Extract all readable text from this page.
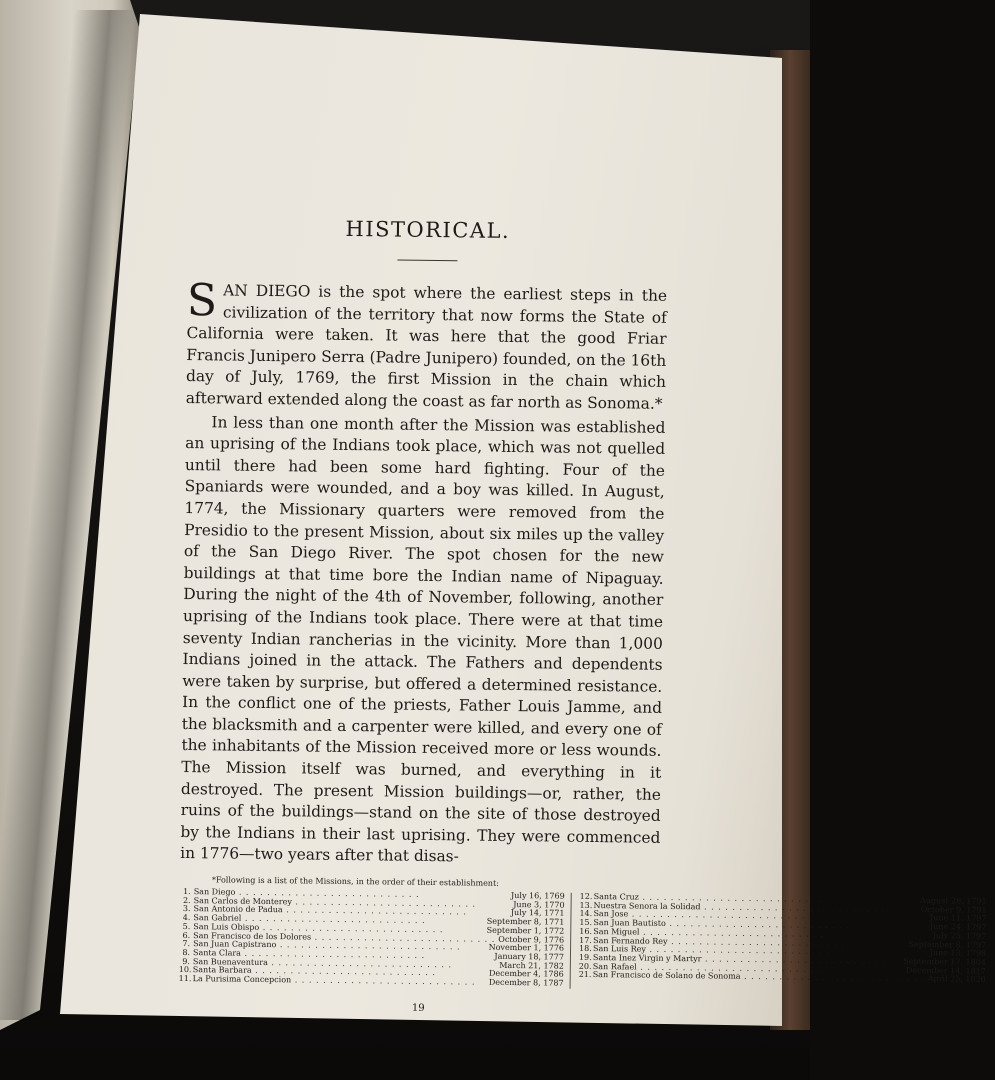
HISTORICAL.

SAN DIEGO is the spot where the earliest steps in the civilization of the territory that now forms the State of California were taken. It was here that the good Friar Francis Junipero Serra (Padre Junipero) founded, on the 16th day of July, 1769, the first Mission in the chain which afterward extended along the coast as far north as Sonoma.*

In less than one month after the Mission was established an uprising of the Indians took place, which was not quelled until there had been some hard fighting. Four of the Spaniards were wounded, and a boy was killed. In August, 1774, the Missionary quarters were removed from the Presidio to the present Mission, about six miles up the valley of the San Diego River. The spot chosen for the new buildings at that time bore the Indian name of Nipaguay. During the night of the 4th of November, following, another uprising of the Indians took place. There were at that time seventy Indian rancherias in the vicinity. More than 1,000 Indians joined in the attack. The Fathers and dependents were taken by surprise, but offered a determined resistance. In the conflict one of the priests, Father Louis Jamme, and the blacksmith and a carpenter were killed, and every one of the inhabitants of the Mission received more or less wounds. The Mission itself was burned, and everything in it destroyed. The present Mission buildings—or, rather, the ruins of the buildings—stand on the site of those destroyed by the Indians in their last uprising. They were commenced in 1776—two years after that disas-

*Following is a list of the Missions, in the order of their establishment:
1. San Diego . . .	July 16, 1769
2. San Carlos de Monterey . . .	June 3, 1770
3. San Antonio de Padua . . .	July 14, 1771
4. San Gabriel . . .	September 8, 1771
5. San Luis Obispo . . .	September 1, 1772
6. San Francisco de los Dolores . . .	October 9, 1776
7. San Juan Capistrano . . .	November 1, 1776
8. Santa Clara . . .	January 18, 1777
9. San Buenaventura . . .	March 21, 1782
10. Santa Barbara . . .	December 4, 1786
11. La Purisima Concepcion . . .	December 8, 1787
12. Santa Cruz . . .	August 28, 1791
13. Nuestra Senora la Solidad . . .	October 9, 1791
14. San Jose . . .	June 11, 1797
15. San Juan Bautisto . . .	June 24, 1797
16. San Miguel . . .	July 25, 1797
17. San Fernando Rey . . .	September 8, 1797
18. San Luis Rey . . .	June 13, 1798
19. Santa Inez Virgin y Martyr . . .	September 17, 1804
20. San Rafael . . .	December 14, 1817
21. San Francisco de Solano de Sonoma . . .	April 25, 1820
19
